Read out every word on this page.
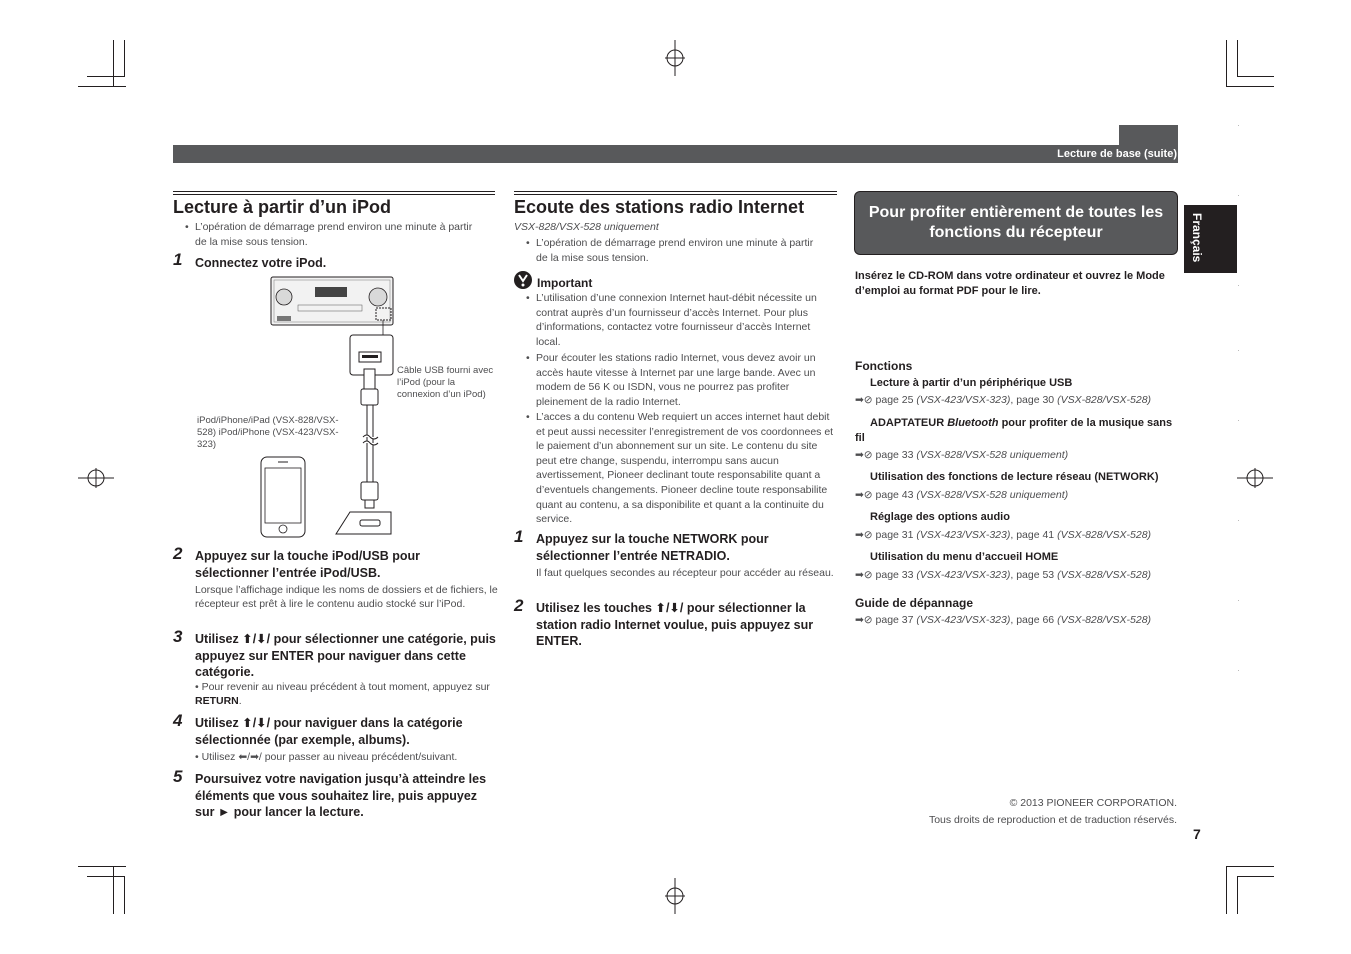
Lecture de base (suite)
Français
Lecture à partir d’un iPod
• L’opération de démarrage prend environ une minute à partir de la mise sous tension.
1 Connectez votre iPod.
Câble USB fourni avec l’iPod (pour la connexion d’un iPod)
iPod/iPhone/iPad (VSX-828/VSX-528) iPod/iPhone (VSX-423/VSX-323)
2 Appuyez sur la touche iPod/USB pour sélectionner l’entrée iPod/USB.
Lorsque l’affichage indique les noms de dossiers et de fichiers, le récepteur est prêt à lire le contenu audio stocké sur l’iPod.
3 Utilisez ⬆/⬇/ pour sélectionner une catégorie, puis appuyez sur ENTER pour naviguer dans cette catégorie.
• Pour revenir au niveau précédent à tout moment, appuyez sur RETURN.
4 Utilisez ⬆/⬇/ pour naviguer dans la catégorie sélectionnée (par exemple, albums).
• Utilisez ⬅/➡/ pour passer au niveau précédent/suivant.
5 Poursuivez votre navigation jusqu’à atteindre les éléments que vous souhaitez lire, puis appuyez sur ► pour lancer la lecture.
Ecoute des stations radio Internet
VSX-828/VSX-528 uniquement
• L’opération de démarrage prend environ une minute à partir de la mise sous tension.
Important
• L’utilisation d’une connexion Internet haut-débit nécessite un contrat auprès d’un fournisseur d’accès Internet. Pour plus d’informations, contactez votre fournisseur d’accès Internet local.
• Pour écouter les stations radio Internet, vous devez avoir un accès haute vitesse à Internet par une large bande. Avec un modem de 56 K ou ISDN, vous ne pourrez pas profiter pleinement de la radio Internet.
• L’acces a du contenu Web requiert un acces internet haut debit et peut aussi necessiter l’enregistrement de vos coordonnees et le paiement d’un abonnement sur un site. Le contenu du site peut etre change, suspendu, interrompu sans aucun avertissement, Pioneer declinant toute responsabilite quant a d’eventuels changements. Pioneer decline toute responsabilite quant au contenu, a sa disponibilite et quant a la continuite du service.
1 Appuyez sur la touche NETWORK pour sélectionner l’entrée NETRADIO.
Il faut quelques secondes au récepteur pour accéder au réseau.
2 Utilisez les touches ⬆/⬇/ pour sélectionner la station radio Internet voulue, puis appuyez sur ENTER.
Pour profiter entièrement de toutes les fonctions du récepteur
Insérez le CD-ROM dans votre ordinateur et ouvrez le Mode d’emploi au format PDF pour le lire.
Fonctions
Lecture à partir d’un périphérique USB
➡⊘ page 25 (VSX-423/VSX-323), page 30 (VSX-828/VSX-528)
ADAPTATEUR Bluetooth pour profiter de la musique sans fil
➡⊘ page 33 (VSX-828/VSX-528 uniquement)
Utilisation des fonctions de lecture réseau (NETWORK)
➡⊘ page 43 (VSX-828/VSX-528 uniquement)
Réglage des options audio
➡⊘ page 31 (VSX-423/VSX-323), page 41 (VSX-828/VSX-528)
Utilisation du menu d’accueil HOME
➡⊘ page 33 (VSX-423/VSX-323), page 53 (VSX-828/VSX-528)
Guide de dépannage
➡⊘ page 37 (VSX-423/VSX-323), page 66 (VSX-828/VSX-528)
© 2013 PIONEER CORPORATION.
Tous droits de reproduction et de traduction réservés.
7
